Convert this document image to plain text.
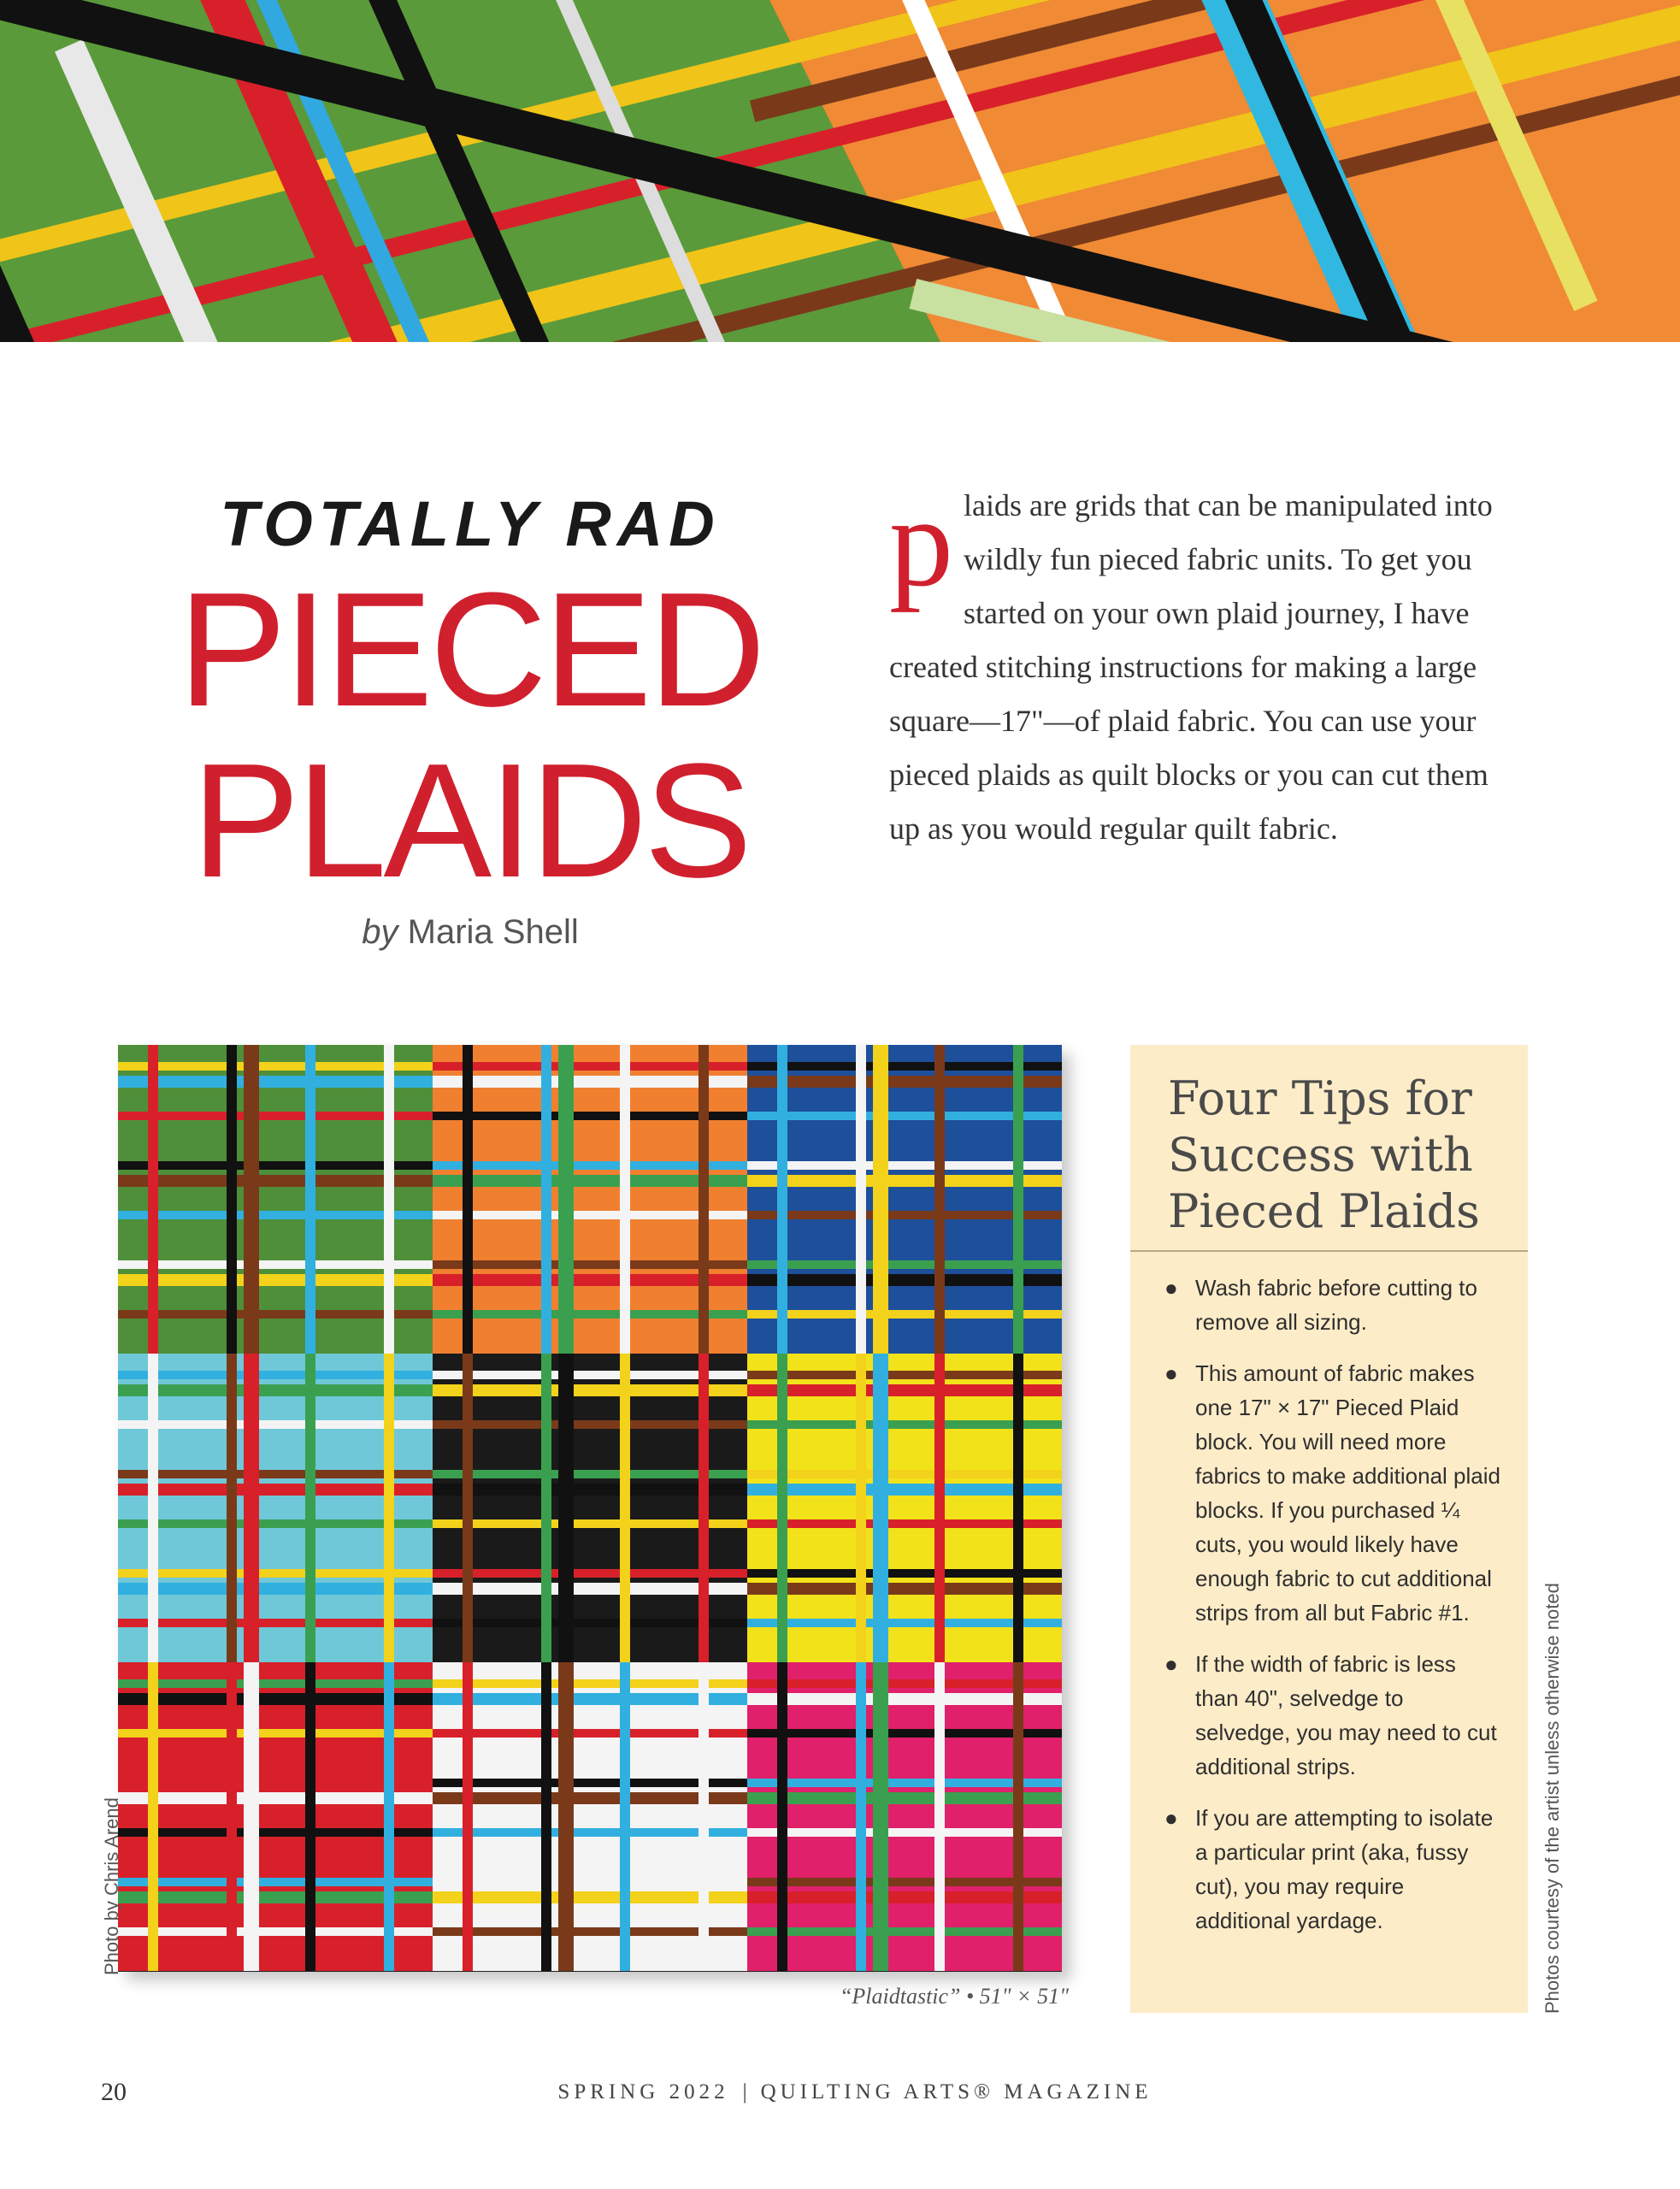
TOTALLY RAD
PIECED
PLAIDS
by Maria Shell
p laids are grids that can be manipulated into wildly fun pieced fabric units. To get you started on your own plaid journey, I have created stitching instructions for making a large square—17"—of plaid fabric. You can use your pieced plaids as quilt blocks or you can cut them up as you would regular quilt fabric.
“Plaidtastic” • 51" × 51"
Photo by Chris Arend	Photos courtesy of the artist unless otherwise noted
Four Tips for Success with Pieced Plaids
● Wash fabric before cutting to remove all sizing.
● This amount of fabric makes one 17" × 17" Pieced Plaid block. You will need more fabrics to make additional plaid blocks. If you purchased ¼ cuts, you would likely have enough fabric to cut additional strips from all but Fabric #1.
● If the width of fabric is less than 40", selvedge to selvedge, you may need to cut additional strips.
● If you are attempting to isolate a particular print (aka, fussy cut), you may require additional yardage.
20	SPRING 2022 | QUILTING ARTS® MAGAZINE
